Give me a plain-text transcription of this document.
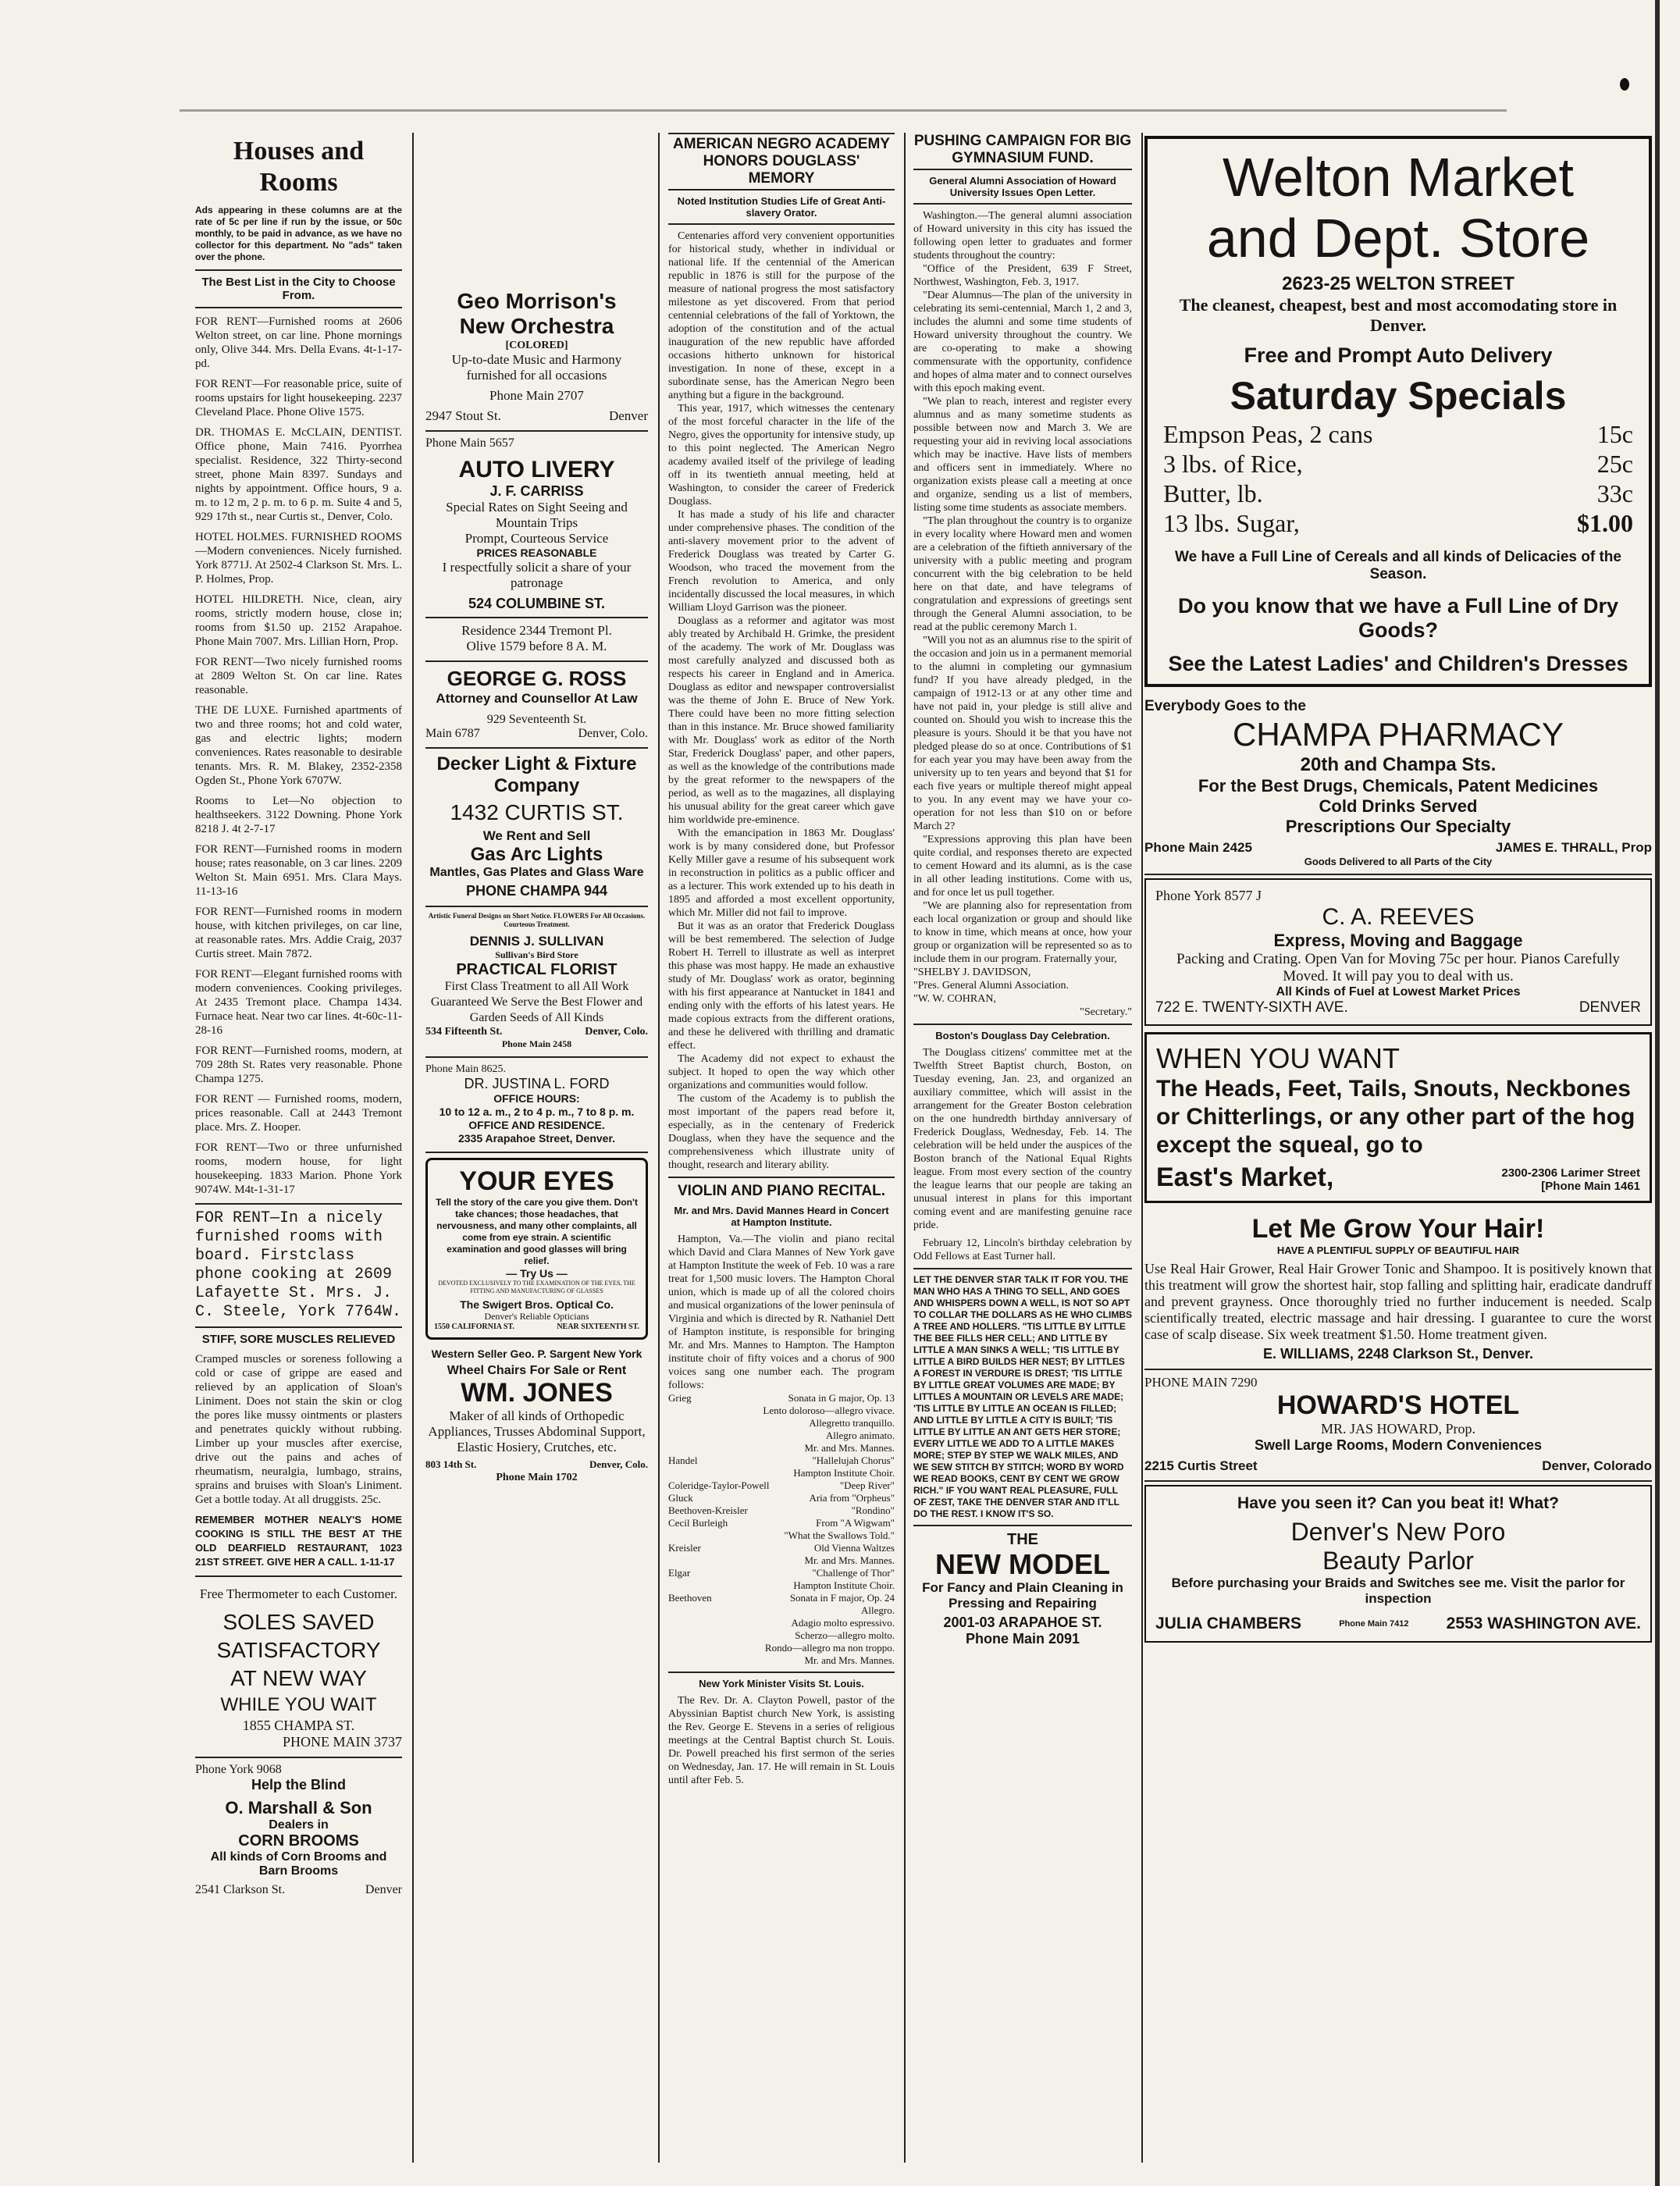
Houses and Rooms

Ads appearing in these columns are at the rate of 5c per line if run by the issue, or 50c monthly, to be paid in advance, as we have no collector for this department. No "ads" taken over the phone.

The Best List in the City to Choose From.

FOR RENT—Furnished rooms at 2606 Welton street, on car line. Phone mornings only, Olive 344. Mrs. Della Evans. 4t-1-17-pd.

FOR RENT—For reasonable price, suite of rooms upstairs for light housekeeping. 2237 Cleveland Place. Phone Olive 1575.

DR. THOMAS E. McCLAIN, DENTIST. Office phone, Main 7416. Pyorrhea specialist. Residence, 322 Thirty-second street, phone Main 8397. Sundays and nights by appointment. Office hours, 9 a. m. to 12 m, 2 p. m. to 6 p. m. Suite 4 and 5, 929 17th st., near Curtis st., Denver, Colo.

HOTEL HOLMES. FURNISHED ROOMS—Modern conveniences. Nicely furnished. York 8771J. At 2502-4 Clarkson St. Mrs. L. P. Holmes, Prop.

HOTEL HILDRETH. Nice, clean, airy rooms, strictly modern house, close in; rooms from $1.50 up. 2152 Arapahoe. Phone Main 7007. Mrs. Lillian Horn, Prop.

FOR RENT—Two nicely furnished rooms at 2809 Welton St. On car line. Rates reasonable.

THE DE LUXE. Furnished apartments of two and three rooms; hot and cold water, gas and electric lights; modern conveniences. Rates reasonable to desirable tenants. Mrs. R. M. Blakey, 2352-2358 Ogden St., Phone York 6707W.

Rooms to Let—No objection to healthseekers. 3122 Downing. Phone York 8218 J. 4t 2-7-17

FOR RENT—Furnished rooms in modern house; rates reasonable, on 3 car lines. 2209 Welton St. Main 6951. Mrs. Clara Mays. 11-13-16

FOR RENT—Furnished rooms in modern house, with kitchen privileges, on car line, at reasonable rates. Mrs. Addie Craig, 2037 Curtis street. Main 7872.

FOR RENT—Elegant furnished rooms with modern conveniences. Cooking privileges. At 2435 Tremont place. Champa 1434. Furnace heat. Near two car lines. 4t-60c-11-28-16

FOR RENT—Furnished rooms, modern, at 709 28th St. Rates very reasonable. Phone Champa 1275.

FOR RENT — Furnished rooms, modern, prices reasonable. Call at 2443 Tremont place. Mrs. Z. Hooper.

FOR RENT—Two or three unfurnished rooms, modern house, for light housekeeping. 1833 Marion. Phone York 9074W. M4t-1-31-17

FOR RENT—In a nicely furnished rooms with board. Firstclass phone cooking at 2609 Lafayette St. Mrs. J. C. Steele, York 7764W.

STIFF, SORE MUSCLES RELIEVED

Cramped muscles or soreness following a cold or case of grippe are eased and relieved by an application of Sloan's Liniment. Does not stain the skin or clog the pores like mussy ointments or plasters and penetrates quickly without rubbing. Limber up your muscles after exercise, drive out the pains and aches of rheumatism, neuralgia, lumbago, strains, sprains and bruises with Sloan's Liniment. Get a bottle today. At all druggists. 25c.

REMEMBER MOTHER NEALY'S HOME COOKING IS STILL THE BEST AT THE OLD DEARFIELD RESTAURANT, 1023 21ST STREET. GIVE HER A CALL. 1-11-17

Free Thermometer to each Customer.

SOLES SAVED

SATISFACTORY

AT NEW WAY

WHILE YOU WAIT

1855 CHAMPA ST.

PHONE MAIN 3737

Phone York 9068

Help the Blind

O. Marshall & Son

Dealers in

CORN BROOMS

All kinds of Corn Brooms and Barn Brooms

2541 Clarkson St.	Denver

Geo Morrison's

New Orchestra

[COLORED]

Up-to-date Music and Harmony furnished for all occasions

Phone Main 2707

2947 Stout St.	Denver

Phone Main 5657

AUTO LIVERY

J. F. CARRISS

Special Rates on Sight Seeing and Mountain Trips

Prompt, Courteous Service

PRICES REASONABLE

I respectfully solicit a share of your patronage

524 COLUMBINE ST.

Residence 2344 Tremont Pl.

Olive 1579 before 8 A. M.

GEORGE G. ROSS

Attorney and Counsellor At Law

929 Seventeenth St.

Main 6787	Denver, Colo.

Decker Light & Fixture Company

1432 CURTIS ST.

We Rent and Sell

Gas Arc Lights

Mantles, Gas Plates and Glass Ware

PHONE CHAMPA 944

Artistic Funeral Designs on Short Notice. FLOWERS For All Occasions. Courteous Treatment.

DENNIS J. SULLIVAN

Sullivan's Bird Store

PRACTICAL FLORIST

First Class Treatment to all All Work Guaranteed We Serve the Best Flower and Garden Seeds of All Kinds

534 Fifteenth St.	Denver, Colo.

Phone Main 2458

Phone Main 8625.

DR. JUSTINA L. FORD

OFFICE HOURS:

10 to 12 a. m., 2 to 4 p. m., 7 to 8 p. m.

OFFICE AND RESIDENCE.

2335 Arapahoe Street, Denver.

YOUR EYES

Tell the story of the care you give them. Don't take chances; those headaches, that nervousness, and many other complaints, all come from eye strain. A scientific examination and good glasses will bring relief.

— Try Us —

DEVOTED EXCLUSIVELY TO THE EXAMINATION OF THE EYES, THE FITTING AND MANUFACTURING OF GLASSES

The Swigert Bros. Optical Co.

Denver's Reliable Opticians

1550 CALIFORNIA ST.	NEAR SIXTEENTH ST.

Western Seller Geo. P. Sargent New York

Wheel Chairs For Sale or Rent

WM. JONES

Maker of all kinds of Orthopedic Appliances, Trusses Abdominal Support, Elastic Hosiery, Crutches, etc.

803 14th St.	Denver, Colo.

Phone Main 1702

AMERICAN NEGRO ACADEMY HONORS DOUGLASS' MEMORY

Noted Institution Studies Life of Great Anti-slavery Orator.

Centenaries afford very convenient opportunities for historical study, whether in individual or national life. If the centennial of the American republic in 1876 is still for the purpose of the measure of national progress the most satisfactory milestone as yet discovered. From that period centennial celebrations of the fall of Yorktown, the adoption of the constitution and of the actual inauguration of the new republic have afforded occasions hitherto unknown for historical investigation. In none of these, except in a subordinate sense, has the American Negro been anything but a figure in the background.

This year, 1917, which witnesses the centenary of the most forceful character in the life of the Negro, gives the opportunity for intensive study, up to this point neglected. The American Negro academy availed itself of the privilege of leading off in its twentieth annual meeting, held at Washington, to consider the career of Frederick Douglass.

It has made a study of his life and character under comprehensive phases. The condition of the anti-slavery movement prior to the advent of Frederick Douglass was treated by Carter G. Woodson, who traced the movement from the French revolution to America, and only incidentally discussed the local measures, in which William Lloyd Garrison was the pioneer.

Douglass as a reformer and agitator was most ably treated by Archibald H. Grimke, the president of the academy. The work of Mr. Douglass was most carefully analyzed and discussed both as respects his career in England and in America. Douglass as editor and newspaper controversialist was the theme of John E. Bruce of New York. There could have been no more fitting selection than in this instance. Mr. Bruce showed familiarity with Mr. Douglass' work as editor of the North Star, Frederick Douglass' paper, and other papers, as well as the knowledge of the contributions made by the great reformer to the newspapers of the period, as well as to the magazines, all displaying his unusual ability for the great career which gave him worldwide pre-eminence.

With the emancipation in 1863 Mr. Douglass' work is by many considered done, but Professor Kelly Miller gave a resume of his subsequent work in reconstruction in politics as a public officer and as a lecturer. This work extended up to his death in 1895 and afforded a most excellent opportunity, which Mr. Miller did not fail to improve.

But it was as an orator that Frederick Douglass will be best remembered. The selection of Judge Robert H. Terrell to illustrate as well as interpret this phase was most happy. He made an exhaustive study of Mr. Douglass' work as orator, beginning with his first appearance at Nantucket in 1841 and ending only with the efforts of his latest years. He made copious extracts from the different orations, and these he delivered with thrilling and dramatic effect.

The Academy did not expect to exhaust the subject. It hoped to open the way which other organizations and communities would follow.

The custom of the Academy is to publish the most important of the papers read before it, especially, as in the centenary of Frederick Douglass, when they have the sequence and the comprehensiveness which illustrate unity of thought, research and literary ability.

VIOLIN AND PIANO RECITAL.

Mr. and Mrs. David Mannes Heard in Concert at Hampton Institute.

Hampton, Va.—The violin and piano recital which David and Clara Mannes of New York gave at Hampton Institute the week of Feb. 10 was a rare treat for 1,500 music lovers. The Hampton Choral union, which is made up of all the colored choirs and musical organizations of the lower peninsula of Virginia and which is directed by R. Nathaniel Dett of Hampton institute, is responsible for bringing Mr. and Mrs. Mannes to Hampton. The Hampton institute choir of fifty voices and a chorus of 900 voices sang one number each. The program follows:

Grieg	Sonata in G major, Op. 13
Lento doloroso—allegro vivace.
Allegretto tranquillo.
Allegro animato.
Mr. and Mrs. Mannes.
Handel	"Hallelujah Chorus"
Hampton Institute Choir.
Coleridge-Taylor-Powell	"Deep River"
Gluck	Aria from "Orpheus"
Beethoven-Kreisler	"Rondino"
Cecil Burleigh	From "A Wigwam"
"What the Swallows Told."
Kreisler	Old Vienna Waltzes
Mr. and Mrs. Mannes.
Elgar	"Challenge of Thor"
Hampton Institute Choir.
Beethoven	Sonata in F major, Op. 24
Allegro.
Adagio molto espressivo.
Scherzo—allegro molto.
Rondo—allegro ma non troppo.
Mr. and Mrs. Mannes.

New York Minister Visits St. Louis.

The Rev. Dr. A. Clayton Powell, pastor of the Abyssinian Baptist church New York, is assisting the Rev. George E. Stevens in a series of religious meetings at the Central Baptist church St. Louis. Dr. Powell preached his first sermon of the series on Wednesday, Jan. 17. He will remain in St. Louis until after Feb. 5.

PUSHING CAMPAIGN FOR BIG GYMNASIUM FUND.

General Alumni Association of Howard University Issues Open Letter.

Washington.—The general alumni association of Howard university in this city has issued the following open letter to graduates and former students throughout the country:

"Office of the President, 639 F Street, Northwest, Washington, Feb. 3, 1917.

"Dear Alumnus—The plan of the university in celebrating its semi-centennial, March 1, 2 and 3, includes the alumni and some time students of Howard university throughout the country. We are co-operating to make a showing commensurate with the opportunity, confidence and hopes of alma mater and to connect ourselves with this epoch making event.

"We plan to reach, interest and register every alumnus and as many sometime students as possible between now and March 3. We are requesting your aid in reviving local associations which may be inactive. Have lists of members and officers sent in immediately. Where no organization exists please call a meeting at once and organize, sending us a list of members, listing some time students as associate members.

"The plan throughout the country is to organize in every locality where Howard men and women are a celebration of the fiftieth anniversary of the university with a public meeting and program concurrent with the big celebration to be held here on that date, and have telegrams of congratulation and expressions of greetings sent through the General Alumni association, to be read at the public ceremony March 1.

"Will you not as an alumnus rise to the spirit of the occasion and join us in a permanent memorial to the alumni in completing our gymnasium fund? If you have already pledged, in the campaign of 1912-13 or at any other time and have not paid in, your pledge is still alive and counted on. Should you wish to increase this the pleasure is yours. Should it be that you have not pledged please do so at once. Contributions of $1 for each year you may have been away from the university up to ten years and beyond that $1 for each five years or multiple thereof might appeal to you. In any event may we have your co-operation for not less than $10 on or before March 2?

"Expressions approving this plan have been quite cordial, and responses thereto are expected to cement Howard and its alumni, as is the case in all other leading institutions. Come with us, and for once let us pull together.

"We are planning also for representation from each local organization or group and should like to know in time, which means at once, how your group or organization will be represented so as to include them in our program. Fraternally your,

"SHELBY J. DAVIDSON,

"Pres. General Alumni Association.

"W. W. COHRAN,

"Secretary."

Boston's Douglass Day Celebration.

The Douglass citizens' committee met at the Twelfth Street Baptist church, Boston, on Tuesday evening, Jan. 23, and organized an auxiliary committee, which will assist in the arrangement for the Greater Boston celebration on the one hundredth birthday anniversary of Frederick Douglass, Wednesday, Feb. 14. The celebration will be held under the auspices of the Boston branch of the National Equal Rights league. From most every section of the country the league learns that our people are taking an unusual interest in plans for this important coming event and are manifesting genuine race pride.

February 12, Lincoln's birthday celebration by Odd Fellows at East Turner hall.

LET THE DENVER STAR TALK IT FOR YOU. THE MAN WHO HAS A THING TO SELL, AND GOES AND WHISPERS DOWN A WELL, IS NOT SO APT TO COLLAR THE DOLLARS AS HE WHO CLIMBS A TREE AND HOLLERS. "TIS LITTLE BY LITTLE THE BEE FILLS HER CELL; AND LITTLE BY LITTLE A MAN SINKS A WELL; 'TIS LITTLE BY LITTLE A BIRD BUILDS HER NEST; BY LITTLES A FOREST IN VERDURE IS DREST; 'TIS LITTLE BY LITTLE GREAT VOLUMES ARE MADE; BY LITTLES A MOUNTAIN OR LEVELS ARE MADE; 'TIS LITTLE BY LITTLE AN OCEAN IS FILLED; AND LITTLE BY LITTLE A CITY IS BUILT; 'TIS LITTLE BY LITTLE AN ANT GETS HER STORE; EVERY LITTLE WE ADD TO A LITTLE MAKES MORE; STEP BY STEP WE WALK MILES, AND WE SEW STITCH BY STITCH; WORD BY WORD WE READ BOOKS, CENT BY CENT WE GROW RICH." IF YOU WANT REAL PLEASURE, FULL OF ZEST, TAKE THE DENVER STAR AND IT'LL DO THE REST. I KNOW IT'S SO.

THE

NEW MODEL

For Fancy and Plain Cleaning in Pressing and Repairing

2001-03 ARAPAHOE ST.

Phone Main 2091

Welton Market

and Dept. Store

2623-25 WELTON STREET

The cleanest, cheapest, best and most accomodating store in Denver.

Free and Prompt Auto Delivery

Saturday Specials

Empson Peas, 2 cans	15c
3 lbs. of Rice,	25c
Butter, lb.	33c
13 lbs. Sugar,	$1.00

We have a Full Line of Cereals and all kinds of Delicacies of the Season.

Do you know that we have a Full Line of Dry Goods?

See the Latest Ladies' and Children's Dresses

Everybody Goes to the

CHAMPA PHARMACY

20th and Champa Sts.

For the Best Drugs, Chemicals, Patent Medicines

Cold Drinks Served

Prescriptions Our Specialty

Phone Main 2425	JAMES E. THRALL, Prop

Goods Delivered to all Parts of the City

Phone York 8577 J

C. A. REEVES

Express, Moving and Baggage

Packing and Crating. Open Van for Moving 75c per hour. Pianos Carefully Moved. It will pay you to deal with us.

All Kinds of Fuel at Lowest Market Prices

722 E. TWENTY-SIXTH AVE.	DENVER

WHEN YOU WANT

The Heads, Feet, Tails, Snouts, Neckbones or Chitterlings, or any other part of the hog except the squeal, go to

East's Market,	2300-2306 Larimer Street
[Phone Main 1461

Let Me Grow Your Hair!

HAVE A PLENTIFUL SUPPLY OF BEAUTIFUL HAIR

Use Real Hair Grower, Real Hair Grower Tonic and Shampoo. It is positively known that this treatment will grow the shortest hair, stop falling and splitting hair, eradicate dandruff and prevent grayness. Once thoroughly tried no further inducement is needed. Scalp scientifically treated, electric massage and hair dressing. I guarantee to cure the worst case of scalp disease. Six week treatment $1.50. Home treatment given.

E. WILLIAMS, 2248 Clarkson St., Denver.

PHONE MAIN 7290

HOWARD'S HOTEL

MR. JAS HOWARD, Prop.

Swell Large Rooms, Modern Conveniences

2215 Curtis Street	Denver, Colorado

Have you seen it? Can you beat it! What?

Denver's New Poro

Beauty Parlor

Before purchasing your Braids and Switches see me. Visit the parlor for inspection

JULIA CHAMBERS	Phone Main 7412 2553 WASHINGTON AVE.
